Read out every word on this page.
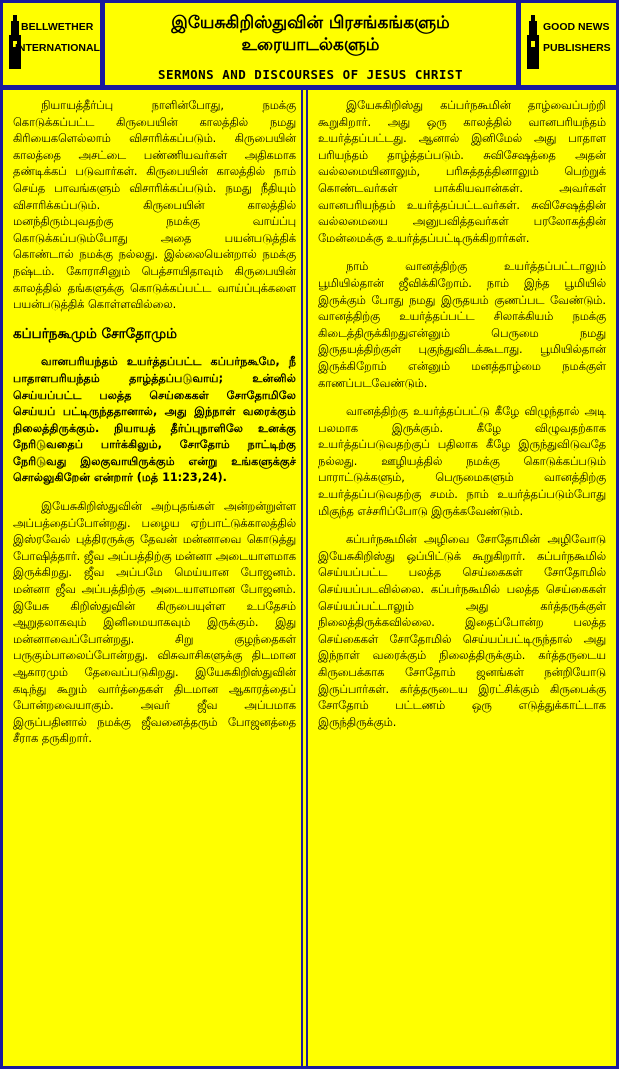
BELLWETHER
INTERNATIONAL
இயேசுகிறிஸ்துவின் பிரசங்கங்களும்
உரையாடல்களும்
SERMONS AND DISCOURSES OF JESUS CHRIST
GOOD NEWS
PUBLISHERS

நியாயத்தீர்ப்பு நாளின்போது, நமக்கு கொடுக்கப்பட்ட கிருபையின் காலத்தில் நமது கிரியைகளெல்லாம் விசாரிக்கப்படும். கிருபையின் காலத்தை அசட்டை பண்ணியவர்கள் அதிகமாக தண்டிக்கப் படுவார்கள். கிருபையின் காலத்தில் நாம் செய்த பாவங்களும் விசாரிக்கப்படும். நமது நீதியும் விசாரிக்கப்படும். கிருபையின் காலத்தில் மனந்திரும்புவதற்கு நமக்கு வாய்ப்பு கொடுக்கப்படும்போது அதை பயன்படுத்திக் கொண்டால் நமக்கு நல்லது. இல்லையென்றால் நமக்கு நஷ்டம். கோராசினும் பெத்சாயிதாவும் கிருபையின் காலத்தில் தங்களுக்கு கொடுக்கப்பட்ட வாய்ப்புக்களை பயன்படுத்திக் கொள்ளவில்லை.

கப்பர்நகூமும் சோதோமும்

வானபரியந்தம் உயர்த்தப்பட்ட கப்பர்நகூமே, நீ பாதாளபரியந்தம் தாழ்த்தப்படுவாய்; உன்னில் செய்யப்பட்ட பலத்த செய்கைகள் சோதோமிலே செய்யப் பட்டிருந்ததானால், அது இந்நாள் வரைக்கும் நிலைத்திருக்கும். நியாயத் தீர்ப்புநாளிலே உனக்கு நேரிடுவதைப் பார்க்கிலும், சோதோம் நாட்டிற்கு நேரிடுவது இலகுவாயிருக்கும் என்று உங்களுக்குச் சொல்லுகிறேன் என்றார் (மத் 11:23,24).

இயேசுகிறிஸ்துவின் அற்புதங்கள் அன்றன்றுள்ள அப்பத்தைப்போன்றது. பழைய ஏற்பாட்டுக்காலத்தில் இஸ்ரவேல் புத்திரருக்கு தேவன் மன்னாவை கொடுத்து போஷித்தார். ஜீவ அப்பத்திற்கு மன்னா அடையாளமாக இருக்கிறது. ஜீவ அப்பமே மெய்யான போஜனம். மன்னா ஜீவ அப்பத்திற்கு அடையாளமான போஜனம். இயேசு கிறிஸ்துவின் கிருபையுள்ள உபதேசம் ஆறுதலாகவும் இனிமையாகவும் இருக்கும். இது மன்னாவைப்போன்றது. சிறு குழந்தைகள் பருகும்பாலைப்போன்றது. விசுவாசிகளுக்கு திடமான ஆகாரமும் தேவைப்படுகிறது. இயேசுகிறிஸ்துவின் கடிந்து கூறும் வார்த்தைகள் திடமான ஆகாரத்தைப் போன்றவையாகும். அவர் ஜீவ அப்பமாக இருப்பதினால் நமக்கு ஜீவனைத்தரும் போஜனத்தை சீராக தருகிறார்.

இயேசுகிறிஸ்து கப்பர்நகூமின் தாழ்வைப்பற்றி கூறுகிறார். அது ஒரு காலத்தில் வானபரியந்தம் உயர்த்தப்பட்டது. ஆனால் இனிமேல் அது பாதாள பரியந்தம் தாழ்த்தப்படும். சுவிசேஷத்தை அதன் வல்லமையினாலும், பரிசுத்தத்தினாலும் பெற்றுக் கொண்டவர்கள் பாக்கியவான்கள். அவர்கள் வானபரியந்தம் உயர்த்தப்பட்டவர்கள். சுவிசேஷத்தின் வல்லமையை அனுபவித்தவர்கள் பரலோகத்தின் மேன்மைக்கு உயர்த்தப்பட்டிருக்கிறார்கள்.

நாம் வானத்திற்கு உயர்த்தப்பட்டாலும் பூமியில்தான் ஜீவிக்கிறோம். நாம் இந்த பூமியில் இருக்கும் போது நமது இருதயம் குணப்பட வேண்டும். வானத்திற்கு உயர்த்தப்பட்ட சிலாக்கியம் நமக்கு கிடைத்திருக்கிறதுஎன்னும் பெருமை நமது இருதயத்திற்குள் புகுந்துவிடக்கூடாது. பூமியில்தான் இருக்கிறோம் என்னும் மனத்தாழ்மை நமக்குள் காணப்படவேண்டும்.

வானத்திற்கு உயர்த்தப்பட்டு கீழே விழுந்தால் அடி பலமாக இருக்கும். கீழே விழுவதற்காக உயர்த்தப்படுவதற்குப் பதிலாக கீழே இருந்துவிடுவதே நல்லது. ஊழியத்தில் நமக்கு கொடுக்கப்படும் பாராட்டுக்களும், பெருமைகளும் வானத்திற்கு உயர்த்தப்படுவதற்கு சமம். நாம் உயர்த்தப்படும்போது மிகுந்த எச்சரிப்போடு இருக்கவேண்டும்.

கப்பர்நகூமின் அழிவை சோதோமின் அழிவோடு இயேசுகிறிஸ்து ஒப்பிட்டுக் கூறுகிறார். கப்பர்நகூமில் செய்யப்பட்ட பலத்த செய்கைகள் சோதோமில் செய்யப்படவில்லை. கப்பர்நகூமில் பலத்த செய்கைகள் செய்யப்பட்டாலும் அது கர்த்தருக்குள் நிலைத்திருக்கவில்லை. இதைப்போன்ற பலத்த செய்கைகள் சோதோமில் செய்யப்பட்டிருந்தால் அது இந்நாள் வரைக்கும் நிலைத்திருக்கும். கர்த்தருடைய கிருபைக்காக சோதோம் ஜனங்கள் நன்றியோடு இருப்பார்கள். கர்த்தருடைய இரட்சிக்கும் கிருபைக்கு சோதோம் பட்டணம் ஒரு எடுத்துக்காட்டாக இருந்திருக்கும்.
